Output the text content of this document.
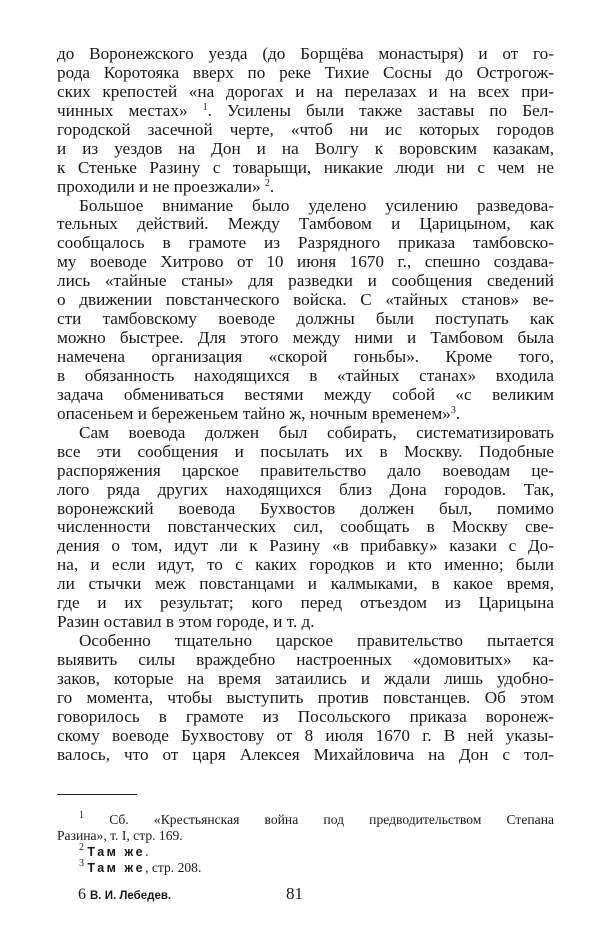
до Воронежского уезда (до Борщёва монастыря) и от го-
рода Коротояка вверх по реке Тихие Сосны до Острогож-
ских крепостей «на дорогах и на перелазах и на всех при-
чинных местах» $^1$. Усилены были также заставы по Бел-
городской засечной черте, «чтоб ни ис которых городов
и из уездов на Дон и на Волгу к воровским казакам,
к Стеньке Разину с товарыщи, никакие люди ни с чем не
проходили и не проезжали» $^2$.
Большое внимание было уделено усилению разведова-
тельных действий. Между Тамбовом и Царицыном, как
сообщалось в грамоте из Разрядного приказа тамбовско-
му воеводе Хитрово от 10 июня 1670 г., спешно создава-
лись «тайные станы» для разведки и сообщения сведений
о движении повстанческого войска. С «тайных станов» ве-
сти тамбовскому воеводе должны были поступать как
можно быстрее. Для этого между ними и Тамбовом была
намечена организация «скорой гоньбы». Кроме того,
в обязанность находящихся в «тайных станах» входила
задача обмениваться вестями между собой «с великим
опасеньем и береженьем тайно ж, ночным временем»$^3$.
Сам воевода должен был собирать, систематизировать
все эти сообщения и посылать их в Москву. Подобные
распоряжения царское правительство дало воеводам це-
лого ряда других находящихся близ Дона городов. Так,
воронежский воевода Бухвостов должен был, помимо
численности повстанческих сил, сообщать в Москву све-
дения о том, идут ли к Разину «в прибавку» казаки с До-
на, и если идут, то с каких городков и кто именно; были
ли стычки меж повстанцами и калмыками, в какое время,
где и их результат; кого перед отъездом из Царицына
Разин оставил в этом городе, и т. д.
Особенно тщательно царское правительство пытается
выявить силы враждебно настроенных «домовитых» ка-
заков, которые на время затаились и ждали лишь удобно-
го момента, чтобы выступить против повстанцев. Об этом
говорилось в грамоте из Посольского приказа воронеж-
скому воеводе Бухвостову от 8 июля 1670 г. В ней указы-
валось, что от царя Алексея Михайловича на Дон с тол-
$^1$ Сб. «Крестьянская война под предводительством Степана
Разина», т. I, стр. 169.
$^2$ Там же.
$^3$ Там же, стр. 208.
6 В. И. Лебедев.	81
